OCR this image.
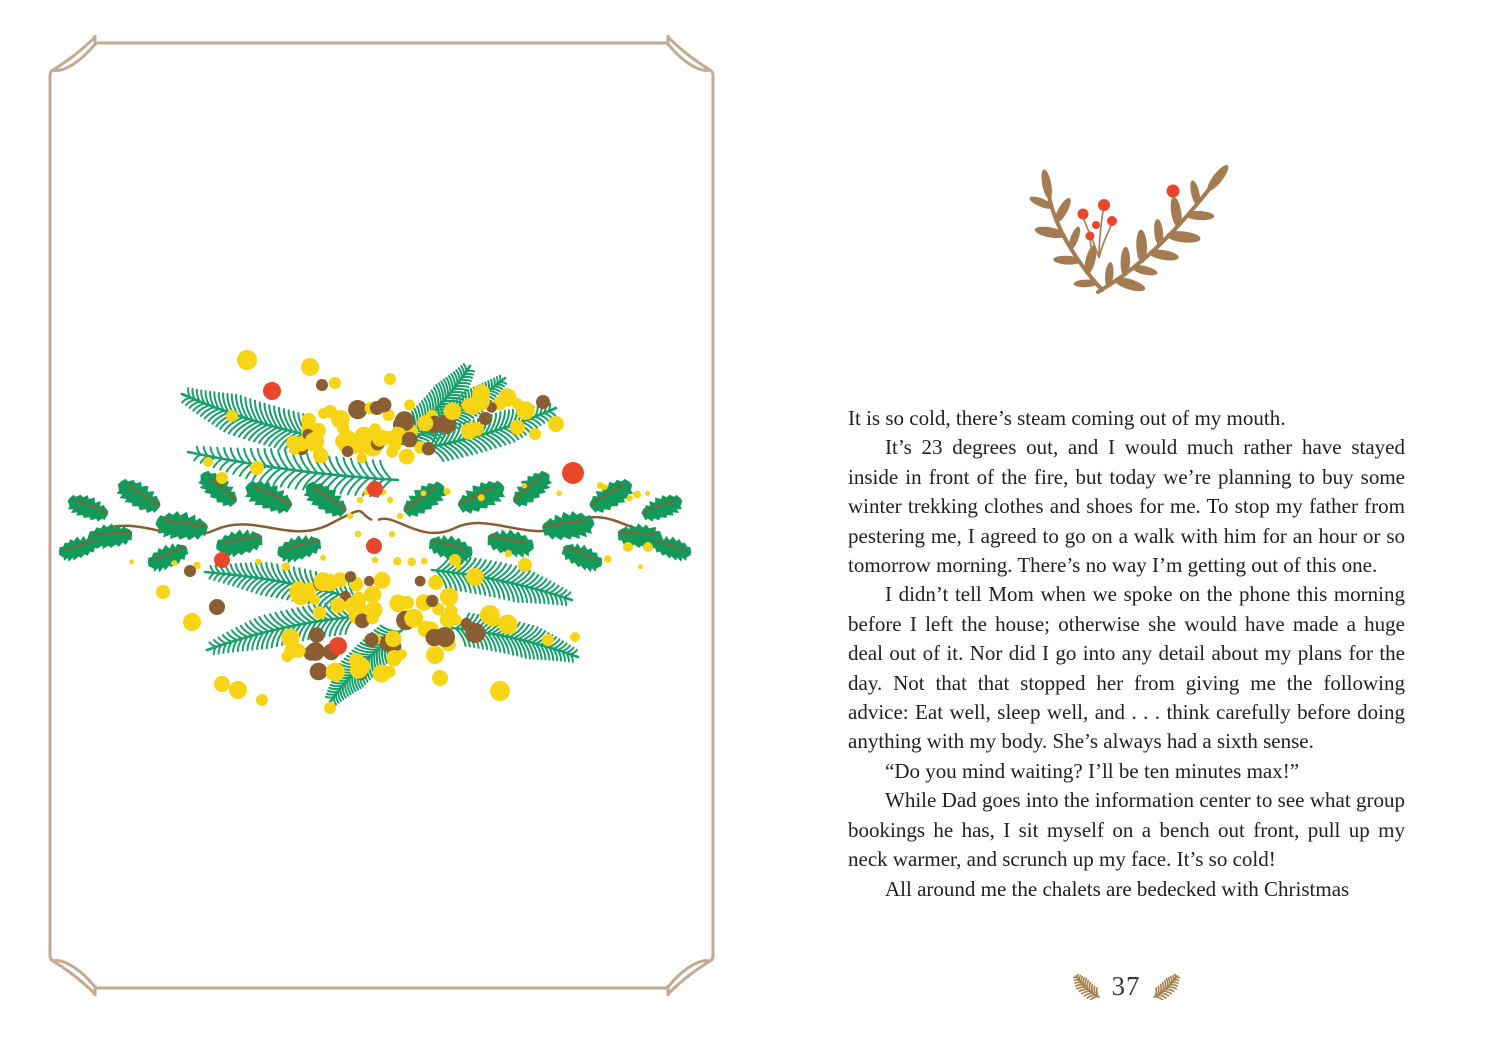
It is so cold, there’s steam coming out of my mouth.

It’s 23 degrees out, and I would much rather have stayed inside in front of the fire, but today we’re planning to buy some winter trekking clothes and shoes for me. To stop my father from pestering me, I agreed to go on a walk with him for an hour or so tomorrow morning. There’s no way I’m getting out of this one.

I didn’t tell Mom when we spoke on the phone this morning before I left the house; otherwise she would have made a huge deal out of it. Nor did I go into any detail about my plans for the day. Not that that stopped her from giving me the following advice: Eat well, sleep well, and . . . think carefully before doing anything with my body. She’s always had a sixth sense.

“Do you mind waiting? I’ll be ten minutes max!”

While Dad goes into the information center to see what group bookings he has, I sit myself on a bench out front, pull up my neck warmer, and scrunch up my face. It’s so cold!

All around me the chalets are bedecked with Christmas

37
